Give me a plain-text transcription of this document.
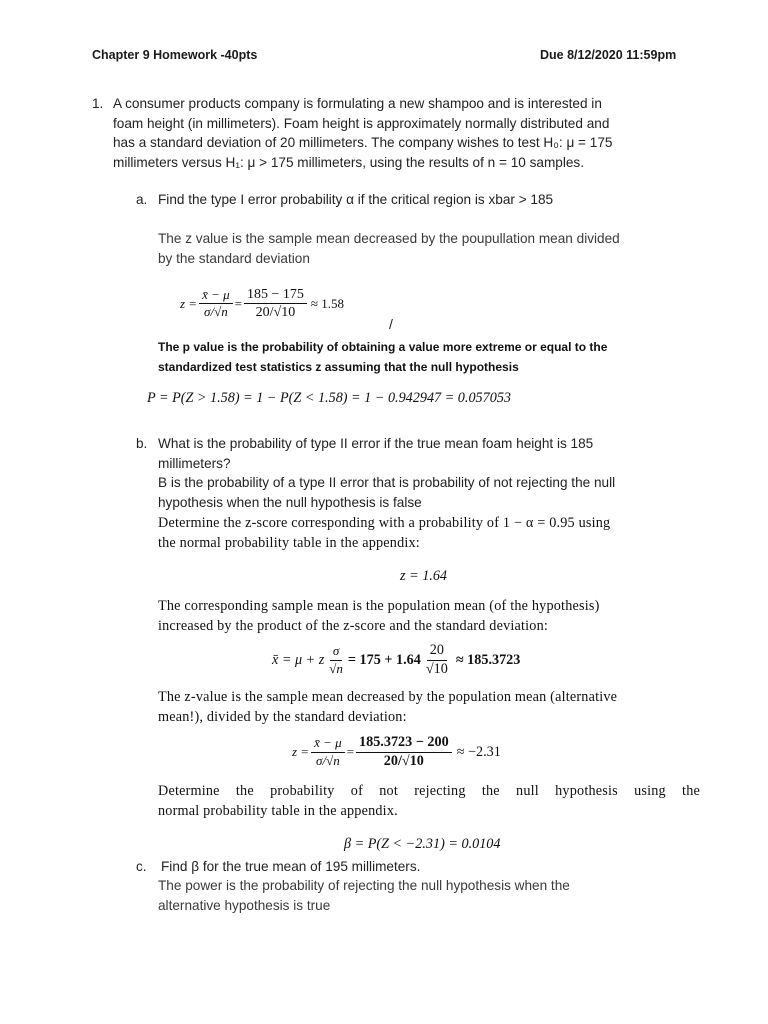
Chapter 9 Homework -40pts	Due 8/12/2020 11:59pm
1. A consumer products company is formulating a new shampoo and is interested in
foam height (in millimeters). Foam height is approximately normally distributed and
has a standard deviation of 20 millimeters. The company wishes to test H₀: μ = 175
millimeters versus H₁: μ > 175 millimeters, using the results of n = 10 samples.
a. Find the type I error probability α if the critical region is xbar > 185
The z value is the sample mean decreased by the poupullation mean divided
by the standard deviation
$z = \frac{x̄ - \mu}{\sigma/√n} = \frac{185 - 175}{20/√10} \approx 1.58$
/
The p value is the probability of obtaining a value more extreme or equal to the
standardized test statistics z assuming that the null hypothesis
P = P(Z > 1.58) = 1 − P(Z < 1.58) = 1 − 0.942947 = 0.057053
b. What is the probability of type II error if the true mean foam height is 185
millimeters?
B is the probability of a type II error that is probability of not rejecting the null
hypothesis when the null hypothesis is false
Determine the z-score corresponding with a probability of 1 − α = 0.95 using
the normal probability table in the appendix:
z = 1.64
The corresponding sample mean is the population mean (of the hypothesis)
increased by the product of the z-score and the standard deviation:
x̄ = μ + z $\frac{\sigma}{√n} = 175 + 1.64 \frac{20}{√10} \approx 185.3723$
The z-value is the sample mean decreased by the population mean (alternative
mean!), divided by the standard deviation:
$z = \frac{x̄ - \mu}{\sigma/√n} = \frac{185.3723 - 200}{20/√10} \approx -2.31$
Determine the probability of not rejecting the null hypothesis using the
normal probability table in the appendix.
β = P(Z < −2.31) = 0.0104
c. Find β for the true mean of 195 millimeters.
The power is the probability of rejecting the null hypothesis when the
alternative hypothesis is true
